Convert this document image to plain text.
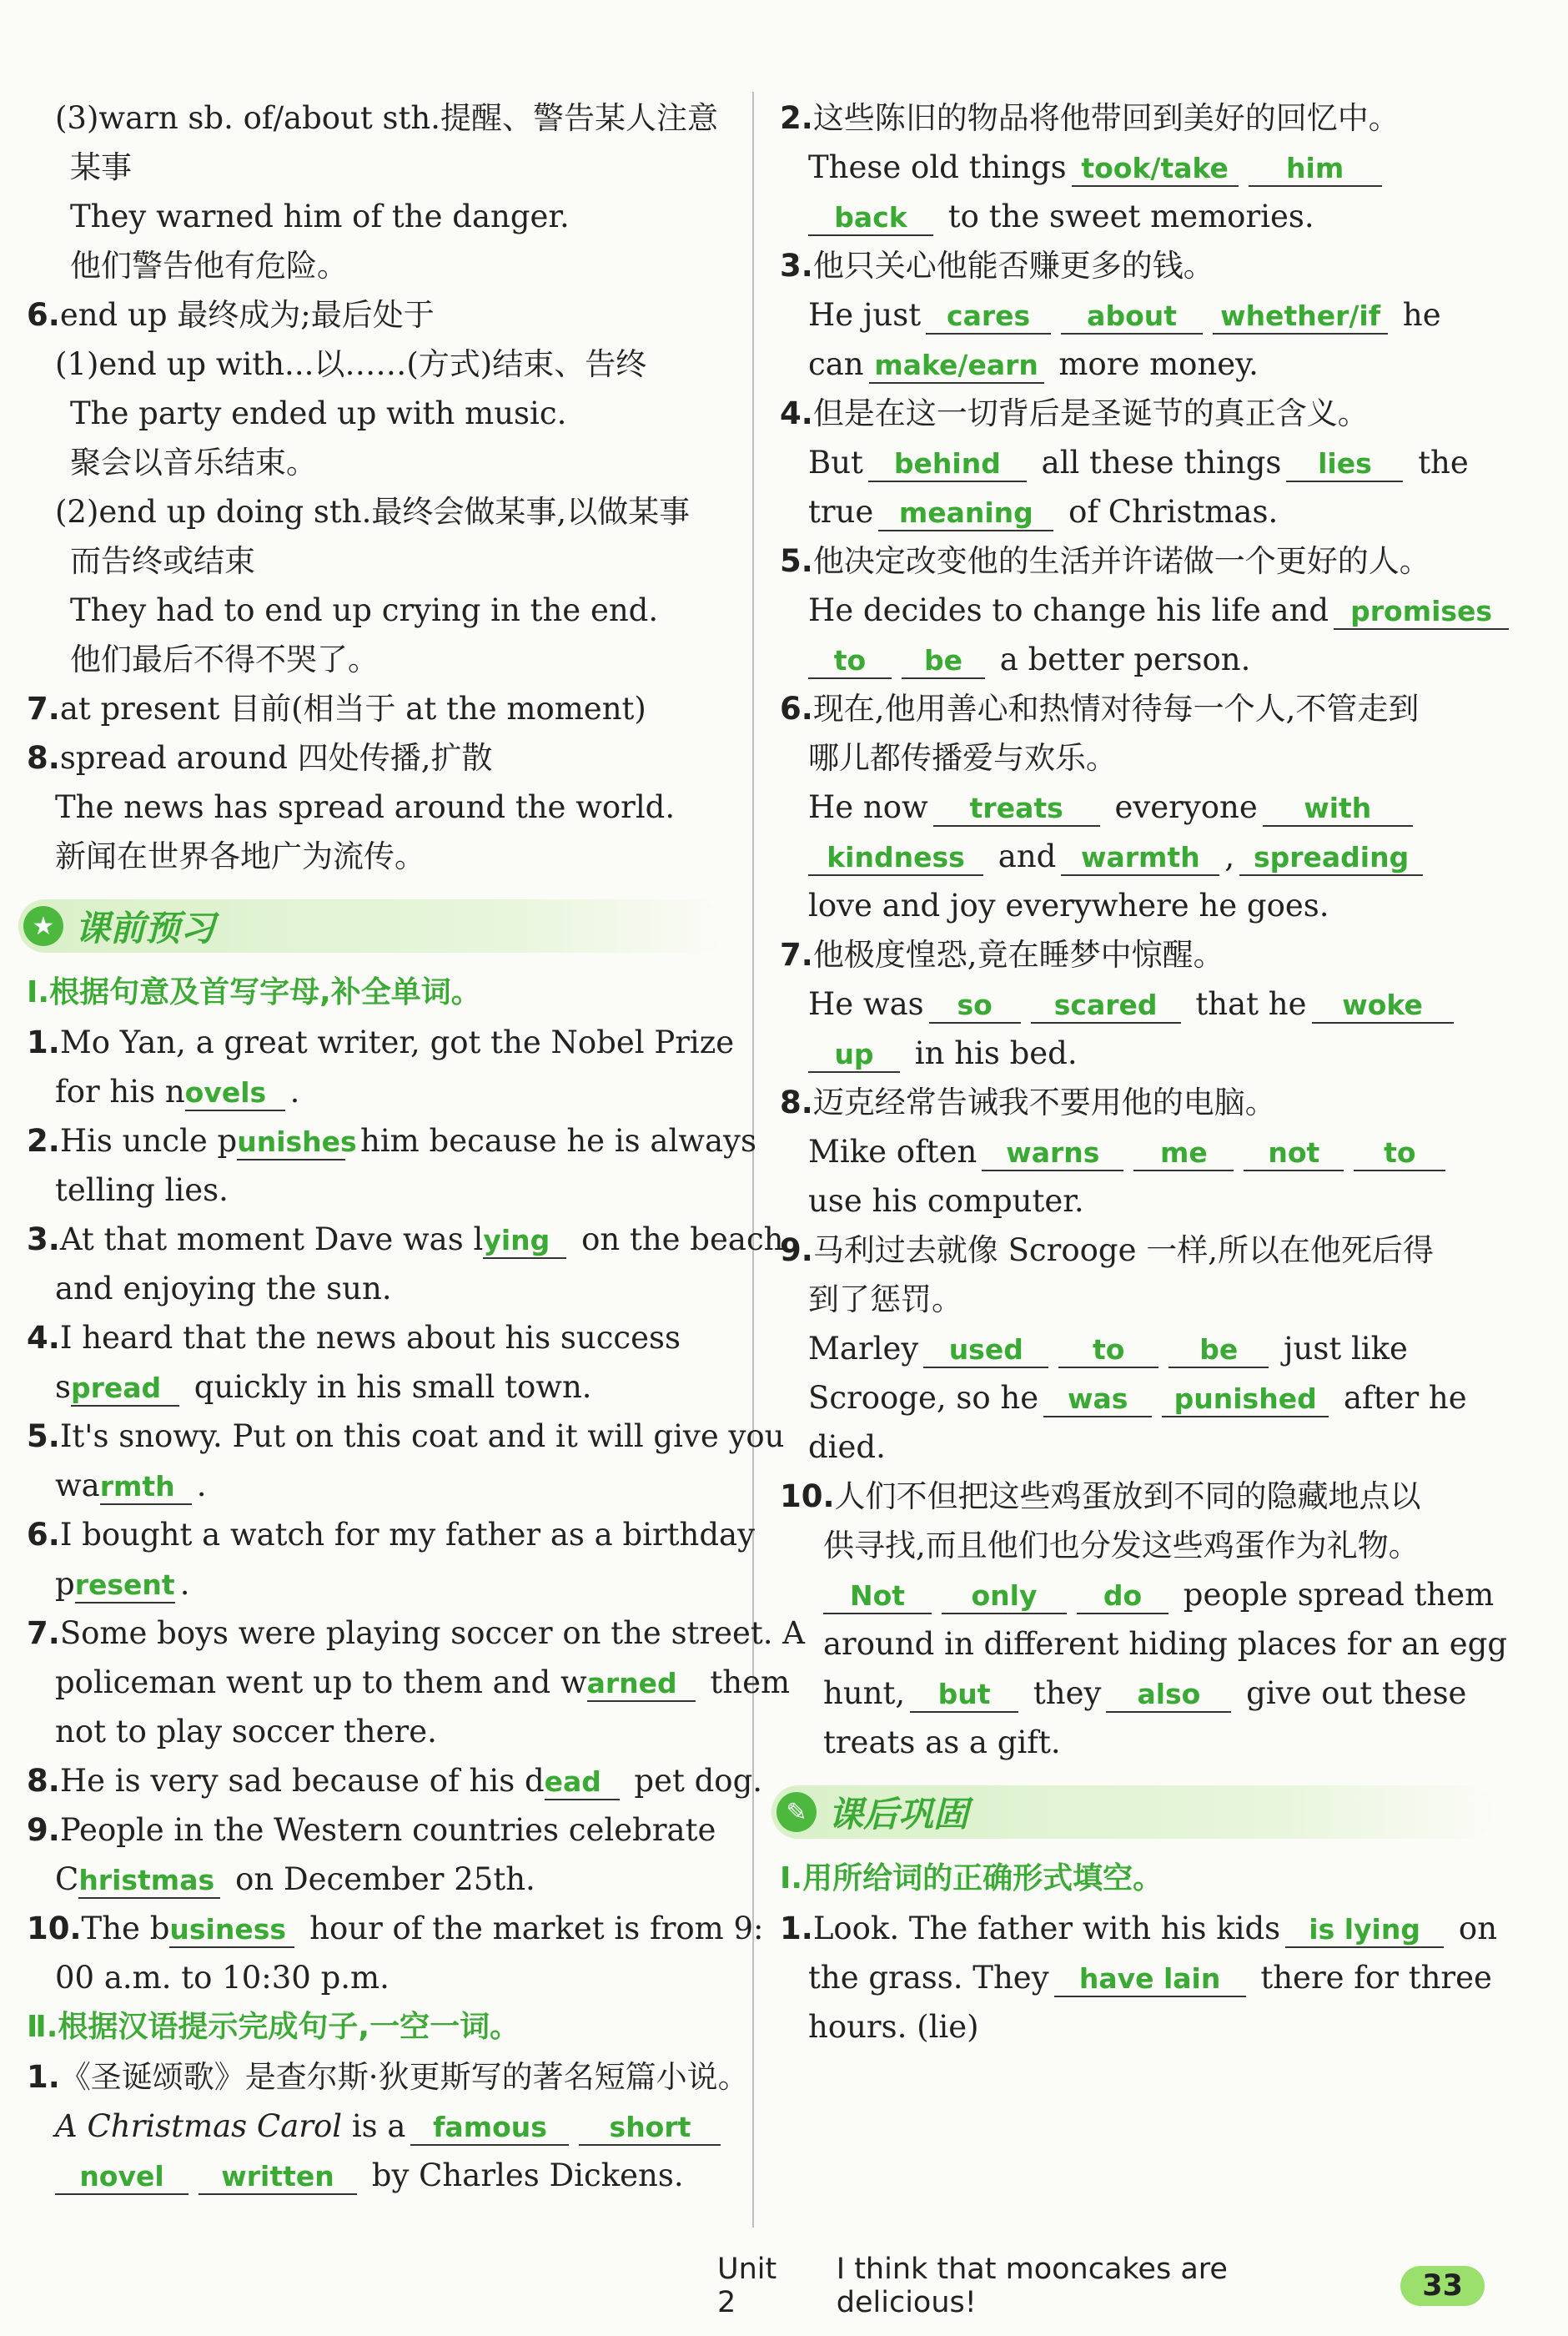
(3)warn sb. of/about sth.提醒、警告某人注意
某事
They warned him of the danger.
他们警告他有危险。
6.end up 最终成为;最后处于
(1)end up with...以……(方式)结束、告终
The party ended up with music.
聚会以音乐结束。
(2)end up doing sth.最终会做某事,以做某事
而告终或结束
They had to end up crying in the end.
他们最后不得不哭了。
7.at present 目前(相当于 at the moment)
8.spread around 四处传播,扩散
The news has spread around the world.
新闻在世界各地广为流传。
★ 课前预习
Ⅰ.根据句意及首写字母,补全单词。
1.Mo Yan, a great writer, got the Nobel Prize
for his novels .
2.His uncle punishes him because he is always
telling lies.
3.At that moment Dave was lying on the beach
and enjoying the sun.
4.I heard that the news about his success
spread quickly in his small town.
5.It's snowy. Put on this coat and it will give you
warmth .
6.I bought a watch for my father as a birthday
present .
7.Some boys were playing soccer on the street. A
policeman went up to them and warned them
not to play soccer there.
8.He is very sad because of his dead pet dog.
9.People in the Western countries celebrate
Christmas on December 25th.
10.The business hour of the market is from 9:
00 a.m. to 10:30 p.m.
Ⅱ.根据汉语提示完成句子,一空一词。
1.《圣诞颂歌》是查尔斯·狄更斯写的著名短篇小说。
A Christmas Carol is a famous short
novel written by Charles Dickens.
2.这些陈旧的物品将他带回到美好的回忆中。
These old things took/take him
back to the sweet memories.
3.他只关心他能否赚更多的钱。
He just cares about whether/if he
can make/earn more money.
4.但是在这一切背后是圣诞节的真正含义。
But behind all these things lies the
true meaning of Christmas.
5.他决定改变他的生活并许诺做一个更好的人。
He decides to change his life and promises
to be a better person.
6.现在,他用善心和热情对待每一个人,不管走到
哪儿都传播爱与欢乐。
He now treats everyone with
kindness and warmth , spreading
love and joy everywhere he goes.
7.他极度惶恐,竟在睡梦中惊醒。
He was so scared that he woke
up in his bed.
8.迈克经常告诫我不要用他的电脑。
Mike often warns me not to
use his computer.
9.马利过去就像 Scrooge 一样,所以在他死后得
到了惩罚。
Marley used	to	be just like
Scrooge, so he was punished after he
died.
10.人们不但把这些鸡蛋放到不同的隐藏地点以
供寻找,而且他们也分发这些鸡蛋作为礼物。
Not only do people spread them
around in different hiding places for an egg
hunt, but they also give out these
treats as a gift.
✎ 课后巩固
Ⅰ.用所给词的正确形式填空。
1.Look. The father with his kids is lying on
the grass. They have lain there for three
hours. (lie)
Unit 2
I think that mooncakes are delicious!	33
